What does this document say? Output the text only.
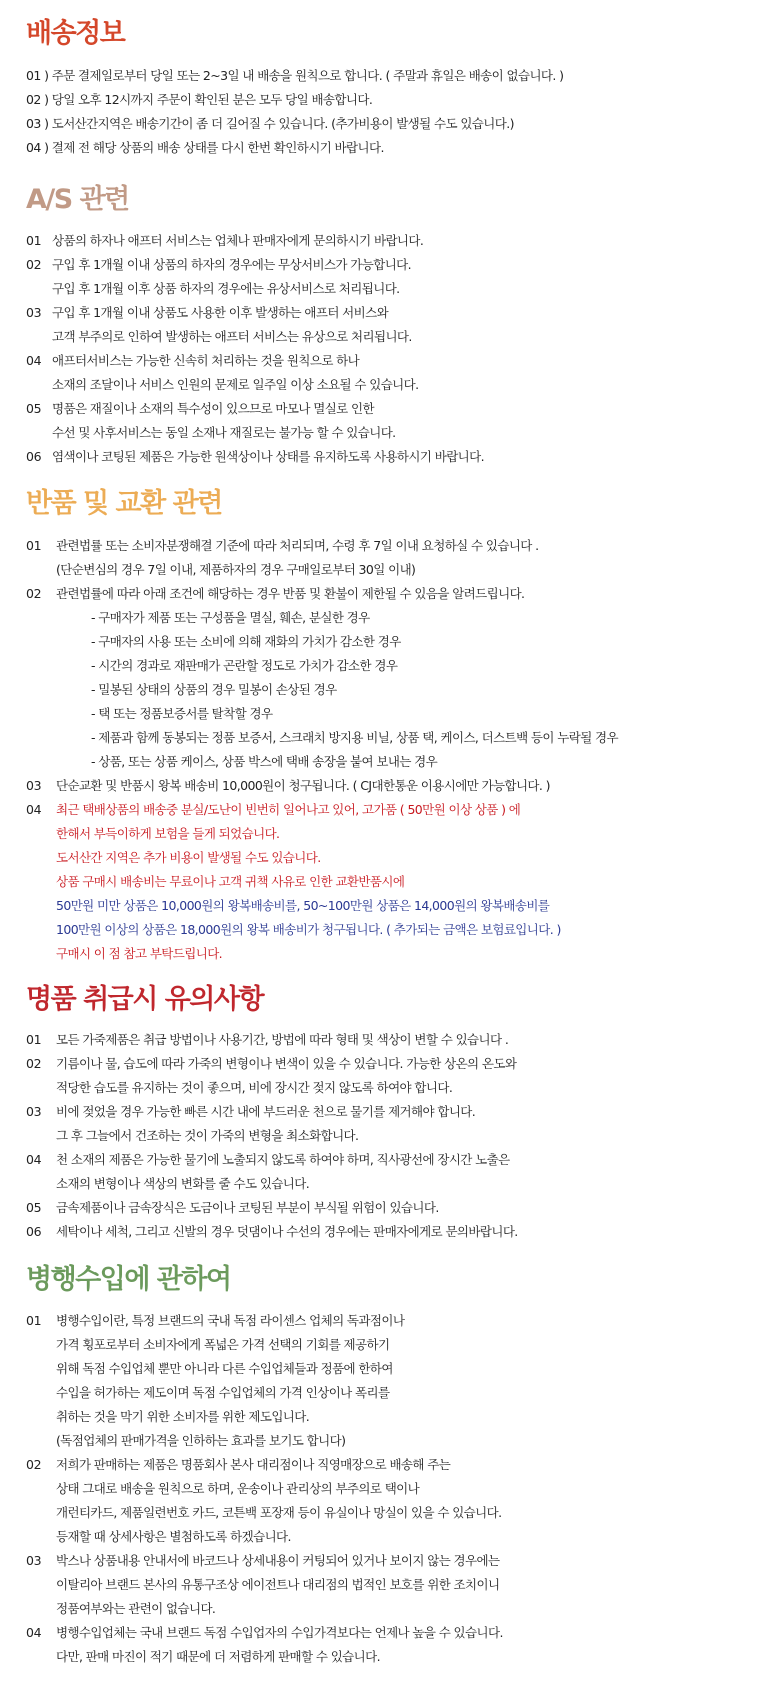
배송정보

01 ) 주문 결제일로부터 당일 또는 2~3일 내 배송을 원칙으로 합니다. ( 주말과 휴일은 배송이 없습니다. )

02 ) 당일 오후 12시까지 주문이 확인된 분은 모두 당일 배송합니다.

03 ) 도서산간지역은 배송기간이 좀 더 길어질 수 있습니다. (추가비용이 발생될 수도 있습니다.)

04 ) 결제 전 해당 상품의 배송 상태를 다시 한번 확인하시기 바랍니다.

A/S 관련
01 상품의 하자나 애프터 서비스는 업체나 판매자에게 문의하시기 바랍니다.

02 구입 후 1개월 이내 상품의 하자의 경우에는 무상서비스가 가능합니다.

구입 후 1개월 이후 상품 하자의 경우에는 유상서비스로 처리됩니다.

03 구입 후 1개월 이내 상품도 사용한 이후 발생하는 애프터 서비스와

고객 부주의로 인하여 발생하는 애프터 서비스는 유상으로 처리됩니다.

04 애프터서비스는 가능한 신속히 처리하는 것을 원칙으로 하나

소재의 조달이나 서비스 인원의 문제로 일주일 이상 소요될 수 있습니다.

05 명품은 재질이나 소재의 특수성이 있으므로 마모나 멸실로 인한

수선 및 사후서비스는 동일 소재나 재질로는 불가능 할 수 있습니다.

06 염색이나 코팅된 제품은 가능한 원색상이나 상태를 유지하도록 사용하시기 바랍니다.

반품 및 교환 관련
01 관련법률 또는 소비자분쟁해결 기준에 따라 처리되며, 수령 후 7일 이내 요청하실 수 있습니다 .

(단순변심의 경우 7일 이내, 제품하자의 경우 구매일로부터 30일 이내)

02 관련법률에 따라 아래 조건에 해당하는 경우 반품 및 환불이 제한될 수 있음을 알려드립니다.

- 구매자가 제품 또는 구성품을 멸실, 훼손, 분실한 경우

- 구매자의 사용 또는 소비에 의해 재화의 가치가 감소한 경우

- 시간의 경과로 재판매가 곤란할 정도로 가치가 감소한 경우

- 밀봉된 상태의 상품의 경우 밀봉이 손상된 경우

- 택 또는 정품보증서를 탈착할 경우

- 제품과 함께 동봉되는 정품 보증서, 스크래치 방지용 비닐, 상품 택, 케이스, 더스트백 등이 누락될 경우

- 상품, 또는 상품 케이스, 상품 박스에 택배 송장을 붙여 보내는 경우

03 단순교환 및 반품시 왕복 배송비 10,000원이 청구됩니다. ( CJ대한통운 이용시에만 가능합니다. )

04 최근 택배상품의 배송중 분실/도난이 빈번히 일어나고 있어, 고가품 ( 50만원 이상 상품 ) 에

한해서 부득이하게 보험을 들게 되었습니다.

도서산간 지역은 추가 비용이 발생될 수도 있습니다.

상품 구매시 배송비는 무료이나 고객 귀책 사유로 인한 교환반품시에

50만원 미만 상품은 10,000원의 왕복배송비를, 50~100만원 상품은 14,000원의 왕복배송비를

100만원 이상의 상품은 18,000원의 왕복 배송비가 청구됩니다. ( 추가되는 금액은 보험료입니다. )

구매시 이 점 참고 부탁드립니다.

명품 취급시 유의사항
01 모든 가죽제품은 취급 방법이나 사용기간, 방법에 따라 형태 및 색상이 변할 수 있습니다 .

02 기름이나 물, 습도에 따라 가죽의 변형이나 변색이 있을 수 있습니다. 가능한 상온의 온도와

적당한 습도를 유지하는 것이 좋으며, 비에 장시간 젖지 않도록 하여야 합니다.

03 비에 젖었을 경우 가능한 빠른 시간 내에 부드러운 천으로 물기를 제거해야 합니다.

그 후 그늘에서 건조하는 것이 가죽의 변형을 최소화합니다.

04 천 소재의 제품은 가능한 물기에 노출되지 않도록 하여야 하며, 직사광선에 장시간 노출은

소재의 변형이나 색상의 변화를 줄 수도 있습니다.

05 금속제품이나 금속장식은 도금이나 코팅된 부분이 부식될 위험이 있습니다.

06 세탁이나 세척, 그리고 신발의 경우 덧댐이나 수선의 경우에는 판매자에게로 문의바랍니다.

병행수입에 관하여
01 병행수입이란, 특정 브랜드의 국내 독점 라이센스 업체의 독과점이나

가격 횡포로부터 소비자에게 폭넓은 가격 선택의 기회를 제공하기

위해 독점 수입업체 뿐만 아니라 다른 수입업체들과 정품에 한하여

수입을 허가하는 제도이며 독점 수입업체의 가격 인상이나 폭리를

취하는 것을 막기 위한 소비자를 위한 제도입니다.

(독점업체의 판매가격을 인하하는 효과를 보기도 합니다)

02 저희가 판매하는 제품은 명품회사 본사 대리점이나 직영매장으로 배송해 주는

상태 그대로 배송을 원칙으로 하며, 운송이나 관리상의 부주의로 택이나

개런티카드, 제품일련번호 카드, 코튼백 포장재 등이 유실이나 망실이 있을 수 있습니다.

등재할 때 상세사항은 별첨하도록 하겠습니다.

03 박스나 상품내용 안내서에 바코드나 상세내용이 커팅되어 있거나 보이지 않는 경우에는

이탈리아 브랜드 본사의 유통구조상 에이전트나 대리점의 법적인 보호를 위한 조치이니

정품여부와는 관련이 없습니다.

04 병행수입업체는 국내 브랜드 독점 수입업자의 수입가격보다는 언제나 높을 수 있습니다.

다만, 판매 마진이 적기 때문에 더 저렴하게 판매할 수 있습니다.
